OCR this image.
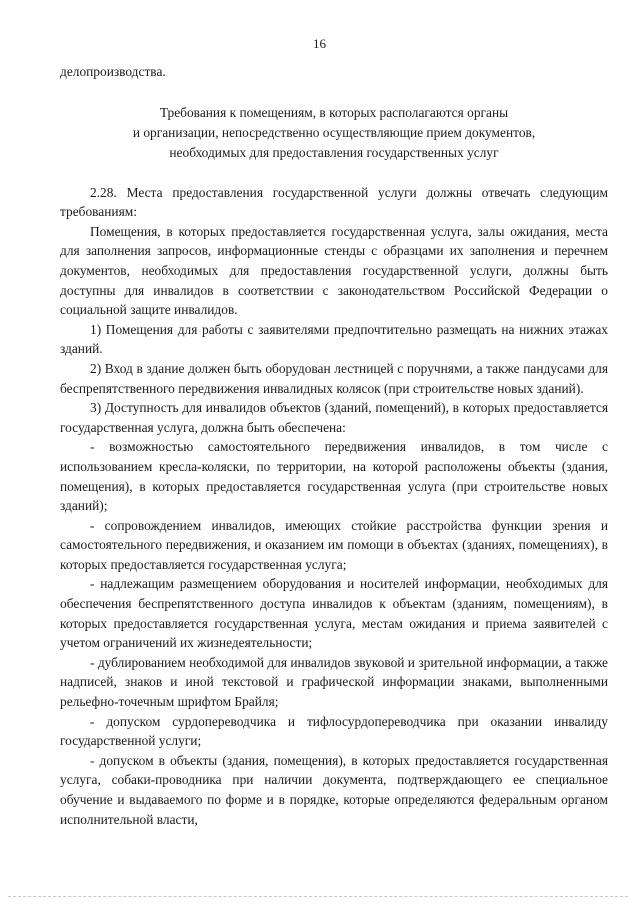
16

делопроизводства.

Требования к помещениям, в которых располагаются органы
и организации, непосредственно осуществляющие прием документов,
необходимых для предоставления государственных услуг

2.28. Места предоставления государственной услуги должны отвечать следующим требованиям:

Помещения, в которых предоставляется государственная услуга, залы ожидания, места для заполнения запросов, информационные стенды с образцами их заполнения и перечнем документов, необходимых для предоставления государственной услуги, должны быть доступны для инвалидов в соответствии с законодательством Российской Федерации о социальной защите инвалидов.

1) Помещения для работы с заявителями предпочтительно размещать на нижних этажах зданий.

2) Вход в здание должен быть оборудован лестницей с поручнями, а также пандусами для беспрепятственного передвижения инвалидных колясок (при строительстве новых зданий).

3) Доступность для инвалидов объектов (зданий, помещений), в которых предоставляется государственная услуга, должна быть обеспечена:

- возможностью самостоятельного передвижения инвалидов, в том числе с использованием кресла-коляски, по территории, на которой расположены объекты (здания, помещения), в которых предоставляется государственная услуга (при строительстве новых зданий);

- сопровождением инвалидов, имеющих стойкие расстройства функции зрения и самостоятельного передвижения, и оказанием им помощи в объектах (зданиях, помещениях), в которых предоставляется государственная услуга;

- надлежащим размещением оборудования и носителей информации, необходимых для обеспечения беспрепятственного доступа инвалидов к объектам (зданиям, помещениям), в которых предоставляется государственная услуга, местам ожидания и приема заявителей с учетом ограничений их жизнедеятельности;

- дублированием необходимой для инвалидов звуковой и зрительной информации, а также надписей, знаков и иной текстовой и графической информации знаками, выполненными рельефно-точечным шрифтом Брайля;

- допуском сурдопереводчика и тифлосурдопереводчика при оказании инвалиду государственной услуги;

- допуском в объекты (здания, помещения), в которых предоставляется государственная услуга, собаки-проводника при наличии документа, подтверждающего ее специальное обучение и выдаваемого по форме и в порядке, которые определяются федеральным органом исполнительной власти,
